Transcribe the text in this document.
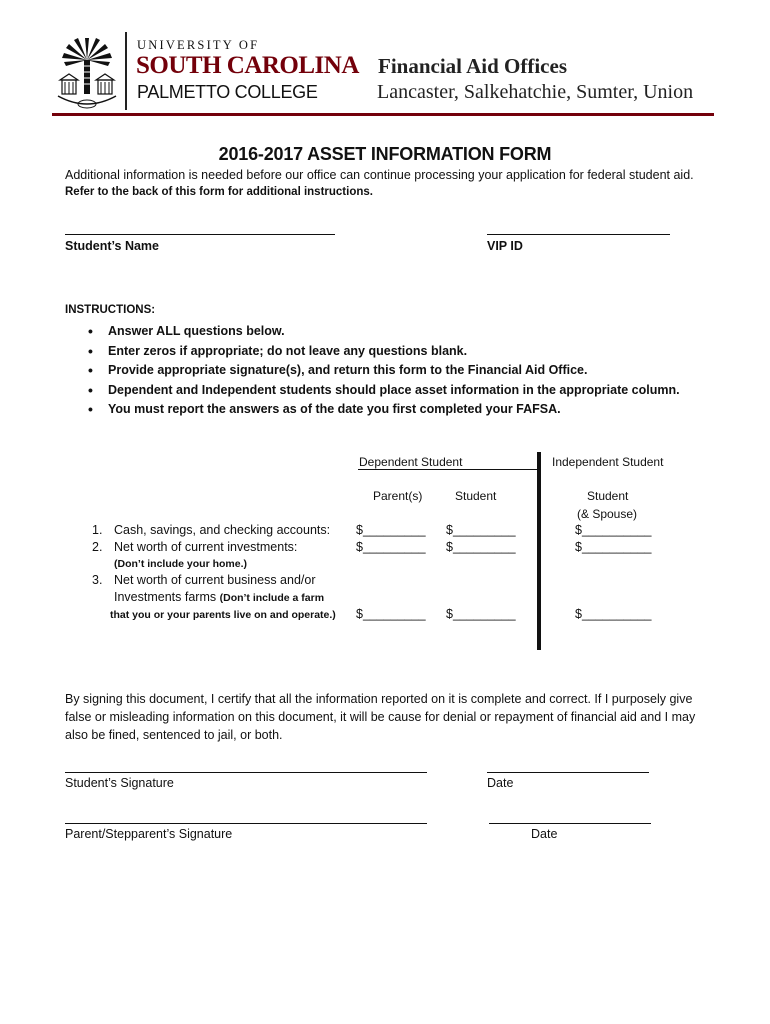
UNIVERSITY OF
SOUTH CAROLINA
PALMETTO COLLEGE
Financial Aid Offices
Lancaster, Salkehatchie, Sumter, Union
2016-2017 ASSET INFORMATION FORM
Additional information is needed before our office can continue processing your application for federal student aid.
Refer to the back of this form for additional instructions.
Student’s Name	VIP ID
INSTRUCTIONS:
• Answer ALL questions below.
• Enter zeros if appropriate; do not leave any questions blank.
• Provide appropriate signature(s), and return this form to the Financial Aid Office.
• Dependent and Independent students should place asset information in the appropriate column.
• You must report the answers as of the date you first completed your FAFSA.
Dependent Student	Independent Student
Parent(s)	Student	Student
(& Spouse)
1. Cash, savings, and checking accounts: $_________ $_________	$__________
2. Net worth of current investments:	$_________ $_________	$__________
(Don’t include your home.)
3. Net worth of current business and/or
Investments farms (Don’t include a farm
that you or your parents live on and operate.) $_________ $_________	$__________
By signing this document, I certify that all the information reported on it is complete and correct. If I purposely give false or misleading information on this document, it will be cause for denial or repayment of financial aid and I may also be fined, sentenced to jail, or both.
Student’s Signature	Date
Parent/Stepparent’s Signature	Date
